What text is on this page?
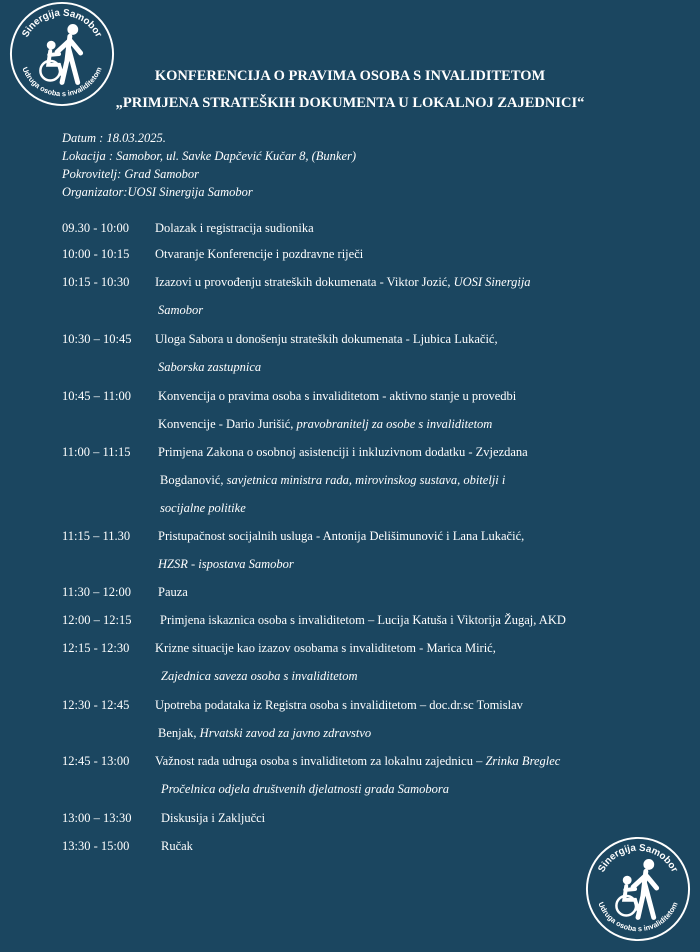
Sinergija Samobor
Udruga osoba s invaliditetom	KONFERENCIJA O PRAVIMA OSOBA S INVALIDITETOM
„PRIMJENA STRATEŠKIH DOKUMENTA U LOKALNOJ ZAJEDNICI“
Datum : 18.03.2025.
Lokacija : Samobor, ul. Savke Dapčević Kučar 8, (Bunker)
Pokrovitelj: Grad Samobor
Organizator:UOSI Sinergija Samobor
09.30 - 10:00 Dolazak i registracija sudionika
10:00 - 10:15 Otvaranje Konferencije i pozdravne riječi
10:15 - 10:30 Izazovi u provođenju strateških dokumenata - Viktor Jozić, UOSI Sinergija
Samobor
10:30 – 10:45 Uloga Sabora u donošenju strateških dokumenata - Ljubica Lukačić,
Saborska zastupnica
10:45 – 11:00 Konvencija o pravima osoba s invaliditetom - aktivno stanje u provedbi
Konvencije - Dario Jurišić, pravobranitelj za osobe s invaliditetom
11:00 – 11:15 Primjena Zakona o osobnoj asistenciji i inkluzivnom dodatku - Zvjezdana
Bogdanović, savjetnica ministra rada, mirovinskog sustava, obitelji i
socijalne politike
11:15 – 11.30 Pristupačnost socijalnih usluga - Antonija Delišimunović i Lana Lukačić,
HZSR - ispostava Samobor
11:30 – 12:00 Pauza
12:00 – 12:15 Primjena iskaznica osoba s invaliditetom – Lucija Katuša i Viktorija Žugaj, AKD
12:15 - 12:30 Krizne situacije kao izazov osobama s invaliditetom - Marica Mirić,
Zajednica saveza osoba s invaliditetom
12:30 - 12:45 Upotreba podataka iz Registra osoba s invaliditetom – doc.dr.sc Tomislav
Benjak, Hrvatski zavod za javno zdravstvo
12:45 - 13:00 Važnost rada udruga osoba s invaliditetom za lokalnu zajednicu – Zrinka Breglec
Pročelnica odjela društvenih djelatnosti grada Samobora
13:00 – 13:30 Diskusija i Zaključci
13:30 - 15:00	Ručak
Sinergija Samobor
Udruga osoba s invaliditetom
